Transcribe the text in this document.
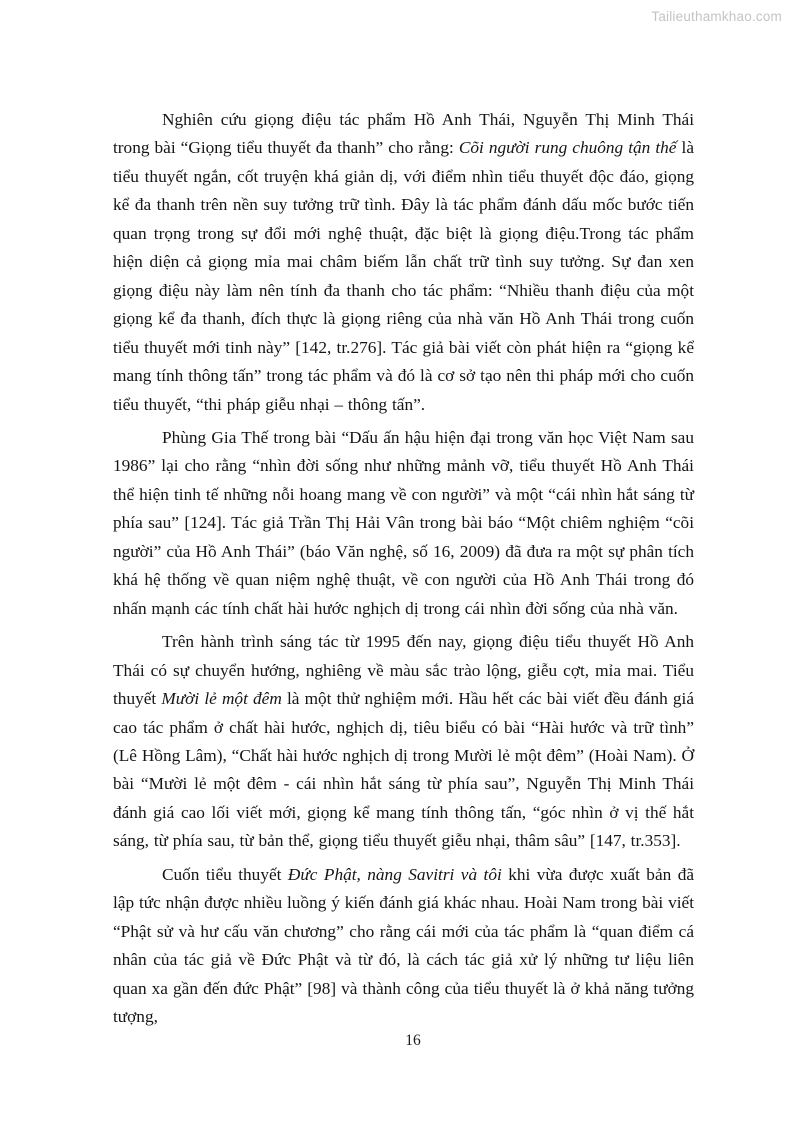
Tailieuthamkhao.com

Nghiên cứu giọng điệu tác phẩm Hồ Anh Thái, Nguyễn Thị Minh Thái trong bài “Giọng tiểu thuyết đa thanh” cho rằng: Cõi người rung chuông tận thế là tiểu thuyết ngắn, cốt truyện khá giản dị, với điểm nhìn tiểu thuyết độc đáo, giọng kể đa thanh trên nền suy tưởng trữ tình. Đây là tác phẩm đánh dấu mốc bước tiến quan trọng trong sự đổi mới nghệ thuật, đặc biệt là giọng điệu.Trong tác phẩm hiện diện cả giọng mỉa mai châm biếm lẫn chất trữ tình suy tưởng. Sự đan xen giọng điệu này làm nên tính đa thanh cho tác phẩm: “Nhiều thanh điệu của một giọng kể đa thanh, đích thực là giọng riêng của nhà văn Hồ Anh Thái trong cuốn tiểu thuyết mới tinh này” [142, tr.276]. Tác giả bài viết còn phát hiện ra “giọng kể mang tính thông tấn” trong tác phẩm và đó là cơ sở tạo nên thi pháp mới cho cuốn tiểu thuyết, “thi pháp giễu nhại – thông tấn”.

Phùng Gia Thế trong bài “Dấu ấn hậu hiện đại trong văn học Việt Nam sau 1986” lại cho rằng “nhìn đời sống như những mảnh vỡ, tiểu thuyết Hồ Anh Thái thể hiện tinh tế những nỗi hoang mang về con người” và một “cái nhìn hắt sáng từ phía sau” [124]. Tác giả Trần Thị Hải Vân trong bài báo “Một chiêm nghiệm “cõi người” của Hồ Anh Thái” (báo Văn nghệ, số 16, 2009) đã đưa ra một sự phân tích khá hệ thống về quan niệm nghệ thuật, về con người của Hồ Anh Thái trong đó nhấn mạnh các tính chất hài hước nghịch dị trong cái nhìn đời sống của nhà văn.

Trên hành trình sáng tác từ 1995 đến nay, giọng điệu tiểu thuyết Hồ Anh Thái có sự chuyển hướng, nghiêng về màu sắc trào lộng, giễu cợt, mỉa mai. Tiểu thuyết Mười lẻ một đêm là một thử nghiệm mới. Hầu hết các bài viết đều đánh giá cao tác phẩm ở chất hài hước, nghịch dị, tiêu biểu có bài “Hài hước và trữ tình” (Lê Hồng Lâm), “Chất hài hước nghịch dị trong Mười lẻ một đêm” (Hoài Nam). Ở bài “Mười lẻ một đêm - cái nhìn hắt sáng từ phía sau”, Nguyễn Thị Minh Thái đánh giá cao lối viết mới, giọng kể mang tính thông tấn, “góc nhìn ở vị thế hắt sáng, từ phía sau, từ bản thể, giọng tiểu thuyết giễu nhại, thâm sâu” [147, tr.353].

Cuốn tiểu thuyết Đức Phật, nàng Savitri và tôi khi vừa được xuất bản đã lập tức nhận được nhiều luồng ý kiến đánh giá khác nhau. Hoài Nam trong bài viết “Phật sử và hư cấu văn chương” cho rằng cái mới của tác phẩm là “quan điểm cá nhân của tác giả về Đức Phật và từ đó, là cách tác giả xử lý những tư liệu liên quan xa gần đến đức Phật” [98] và thành công của tiểu thuyết là ở khả năng tưởng tượng,

16
